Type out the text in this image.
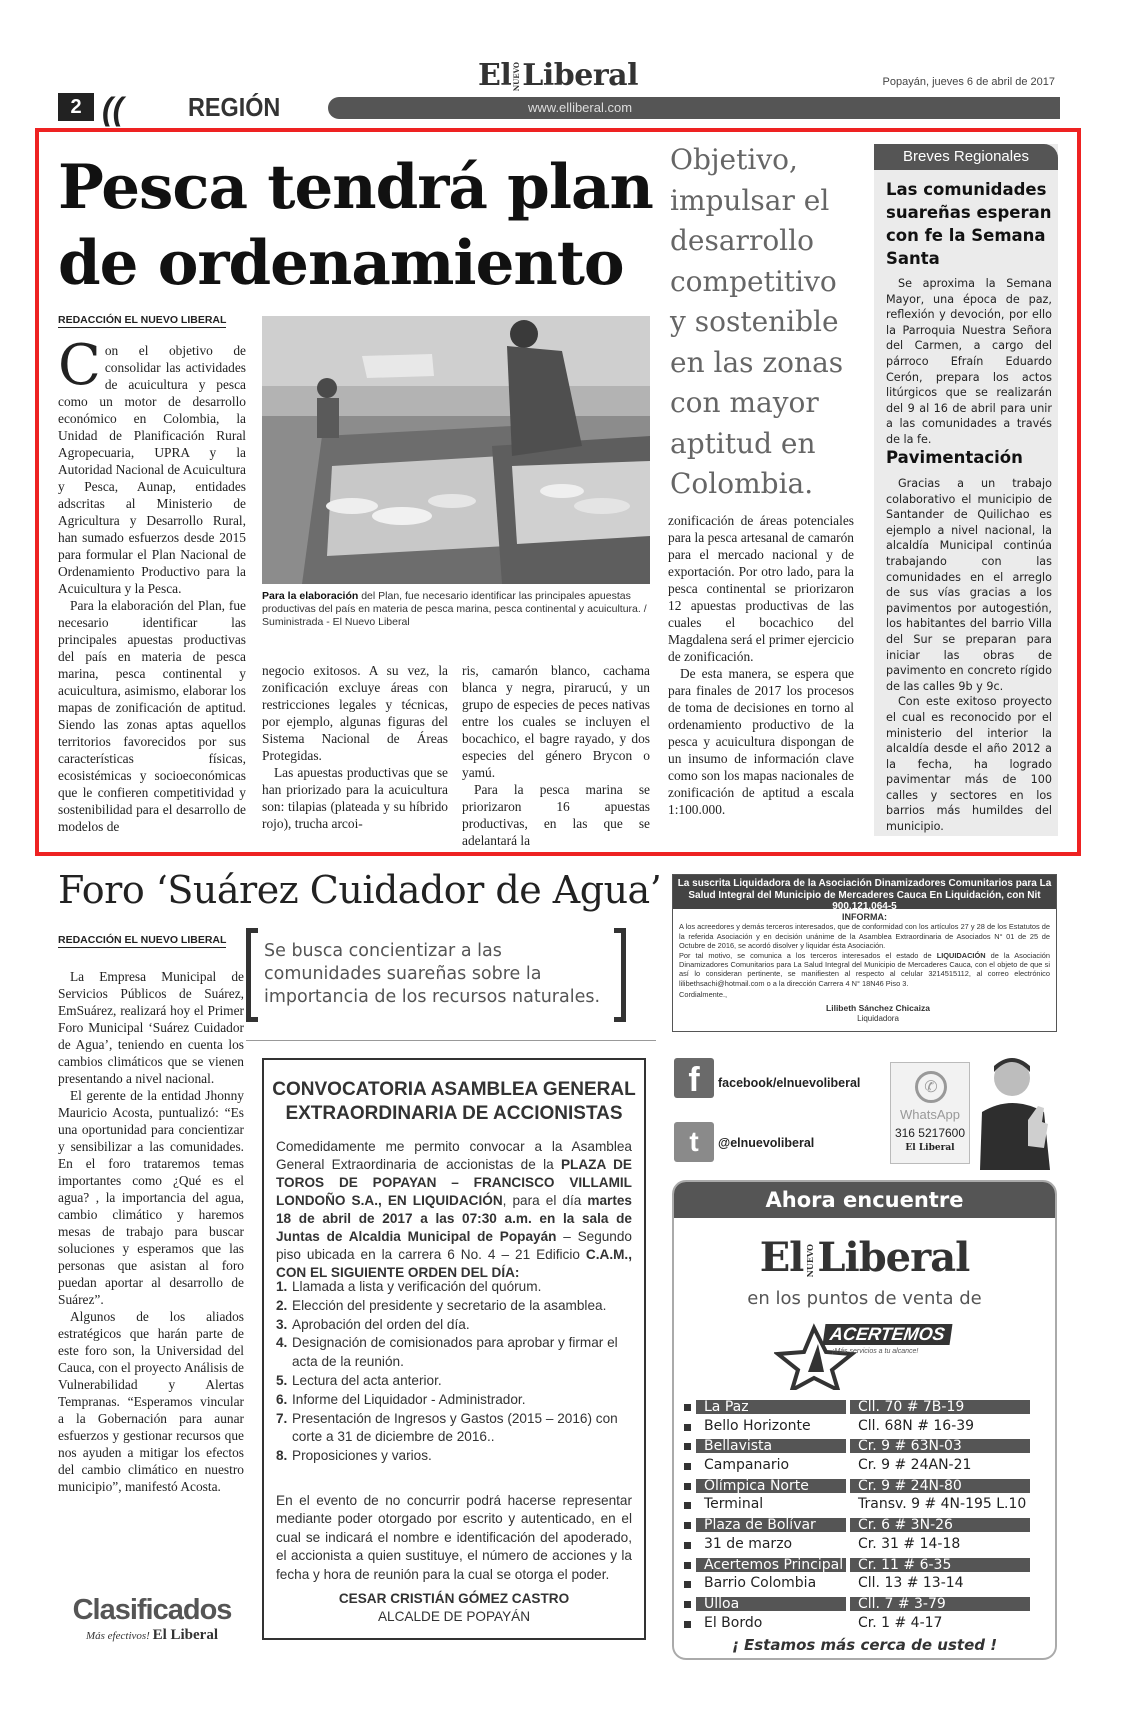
ElNUEVOLiberal	Popayán, jueves 6 de abril de 2017
2 (( REGIÓN	www.elliberal.com
Pesca tendrá plan de ordenamiento
REDACCIÓN EL NUEVO LIBERAL

Con el objetivo de consolidar las actividades de acuicultura y pesca como un motor de desarrollo económico en Colombia, la Unidad de Planificación Rural Agropecuaria, UPRA y la Autoridad Nacional de Acuicultura y Pesca, Aunap, entidades adscritas al Ministerio de Agricultura y Desarrollo Rural, han sumado esfuerzos desde 2015 para formular el Plan Nacional de Ordenamiento Productivo para la Acuicultura y la Pesca.

Para la elaboración del Plan, fue necesario identificar las principales apuestas productivas del país en materia de pesca marina, pesca continental y acuicultura, asimismo, elaborar los mapas de zonificación de aptitud. Siendo las zonas aptas aquellos territorios favorecidos por sus características físicas, ecosistémicas y socioeconómicas que le confieren competitividad y sostenibilidad para el desarrollo de modelos de

Para la elaboración del Plan, fue necesario identificar las principales apuestas productivas del país en materia de pesca marina, pesca continental y acuicultura. /
Suministrada - El Nuevo Liberal

negocio exitosos. A su vez, la zonificación excluye áreas con restricciones legales y técnicas, por ejemplo, algunas figuras del Sistema Nacional de Áreas Protegidas.

Las apuestas productivas que se han priorizado para la acuicultura son: tilapias (plateada y su híbrido rojo), trucha arcoi-

ris, camarón blanco, cachama blanca y negra, pirarucú, y un grupo de especies de peces nativas entre los cuales se incluyen el bocachico, el bagre rayado, y dos especies del género Brycon o yamú.

Para la pesca marina se priorizaron 16 apuestas productivas, en las que se adelantará la

Objetivo, impulsar el desarrollo competitivo y sostenible en las zonas con mayor aptitud en Colombia.

zonificación de áreas potenciales para la pesca artesanal de camarón para el mercado nacional y de exportación. Por otro lado, para la pesca continental se priorizaron 12 apuestas productivas de las cuales el bocachico del Magdalena será el primer ejercicio de zonificación.

De esta manera, se espera que para finales de 2017 los procesos de toma de decisiones en torno al ordenamiento productivo de la pesca y acuicultura dispongan de un insumo de información clave como son los mapas nacionales de zonificación de aptitud a escala 1:100.000.

Breves Regionales
Las comunidades suareñas esperan con fe la Semana Santa

Se aproxima la Semana Mayor, una época de paz, reflexión y devoción, por ello la Parroquia Nuestra Señora del Carmen, a cargo del párroco Efraín Eduardo Cerón, prepara los actos litúrgicos que se realizarán del 9 al 16 de abril para unir a las comunidades a través de la fe.

Pavimentación

Gracias a un trabajo colaborativo el municipio de Santander de Quilichao es ejemplo a nivel nacional, la alcaldía Municipal continúa trabajando con las comunidades en el arreglo de sus vías gracias a los pavimentos por autogestión, los habitantes del barrio Villa del Sur se preparan para iniciar las obras de pavimento en concreto rígido de las calles 9b y 9c.

Con este exitoso proyecto el cual es reconocido por el ministerio del interior la alcaldía desde el año 2012 a la fecha, ha logrado pavimentar más de 100 calles y sectores en los barrios más humildes del municipio.

Foro ‘Suárez Cuidador de Agua’
REDACCIÓN EL NUEVO LIBERAL
Se busca concientizar a las comunidades suareñas sobre la importancia de los recursos naturales.

La Empresa Municipal de Servicios Públicos de Suárez, EmSuárez, realizará hoy el Primer Foro Municipal ‘Suárez Cuidador de Agua’, teniendo en cuenta los cambios climáticos que se vienen presentando a nivel nacional.

El gerente de la entidad Jhonny Mauricio Acosta, puntualizó: “Es una oportunidad para concientizar y sensibilizar a las comunidades. En el foro trataremos temas importantes como ¿Qué es el agua? , la importancia del agua, cambio climático y haremos mesas de trabajo para buscar soluciones y esperamos que las personas que asistan al foro puedan aportar al desarrollo de Suárez”.

Algunos de los aliados estratégicos que harán parte de este foro son, la Universidad del Cauca, con el proyecto Análisis de Vulnerabilidad y Alertas Tempranas. “Esperamos vincular a la Gobernación para aunar esfuerzos y gestionar recursos que nos ayuden a mitigar los efectos del cambio climático en nuestro municipio”, manifestó Acosta.

Clasificados
Más efectivos! El Liberal
CONVOCATORIA ASAMBLEA GENERAL EXTRAORDINARIA DE ACCIONISTAS
Comedidamente me permito convocar a la Asamblea General Extraordinaria de accionistas de la PLAZA DE TOROS DE POPAYAN – FRANCISCO VILLAMIL LONDOÑO S.A., EN LIQUIDACIÓN, para el día martes 18 de abril de 2017 a las 07:30 a.m. en la sala de Juntas de Alcaldia Municipal de Popayán – Segundo piso ubicada en la carrera 6 No. 4 – 21 Edificio C.A.M., CON EL SIGUIENTE ORDEN DEL DÍA:
1. Llamada a lista y verificación del quórum.
2. Elección del presidente y secretario de la asamblea.
3. Aprobación del orden del día.
4. Designación de comisionados para aprobar y firmar el acta de la reunión.
5. Lectura del acta anterior.
6. Informe del Liquidador - Administrador.
7. Presentación de Ingresos y Gastos (2015 – 2016) con corte a 31 de diciembre de 2016..
8. Proposiciones y varios.
En el evento de no concurrir podrá hacerse representar mediante poder otorgado por escrito y autenticado, en el cual se indicará el nombre e identificación del apoderado, el accionista a quien sustituye, el número de acciones y la fecha y hora de reunión para la cual se otorga el poder.
CESAR CRISTIÁN GÓMEZ CASTRO
ALCALDE DE POPAYÁN
La suscrita Liquidadora de la Asociación Dinamizadores Comunitarios para La Salud Integral del Municipio de Mercaderes Cauca En Liquidación, con Nit 900.121.064-5
INFORMA:
A los acreedores y demás terceros interesados, que de conformidad con los artículos 27 y 28 de los Estatutos de la referida Asociación y en decisión unánime de la Asamblea Extraordinaria de Asociados N° 01 de 25 de Octubre de 2016, se acordó disolver y liquidar ésta Asociación.
Por tal motivo, se comunica a los terceros interesados el estado de LIQUIDACIÓN de la Asociación Dinamizadores Comunitarios para La Salud Integral del Municipio de Mercaderes Cauca, con el objeto de que si así lo consideran pertinente, se manifiesten al respecto al celular 3214515112, al correo electrónico lilibethsachi@hotmail.com o a la dirección Carrera 4 N° 18N46 Piso 3.
Cordialmente.,
Lilibeth Sánchez Chicaiza
Liquidadora
f	facebook/elnuevoliberal
t	@elnuevoliberal
✆
WhatsApp
316 5217600
El Liberal
Ahora encuentre
El NUEVOLiberal
en los puntos de venta de
ACERTEMOS
¡Más servicios a tu alcance!
La Paz	Cll. 70 # 7B-19
Bello Horizonte	Cll. 68N # 16-39
Bellavista	Cr. 9 # 63N-03
Campanario	Cr. 9 # 24AN-21
Olímpica Norte	Cr. 9 # 24N-80
Terminal	Transv. 9 # 4N-195 L.10
Plaza de Bolívar	Cr. 6 # 3N-26
31 de marzo	Cr. 31 # 14-18
Acertemos Principal	Cr. 11 # 6-35
Barrio Colombia	Cll. 13 # 13-14
Ulloa	Cll. 7 # 3-79
El Bordo	Cr. 1 # 4-17
¡ Estamos más cerca de usted !
